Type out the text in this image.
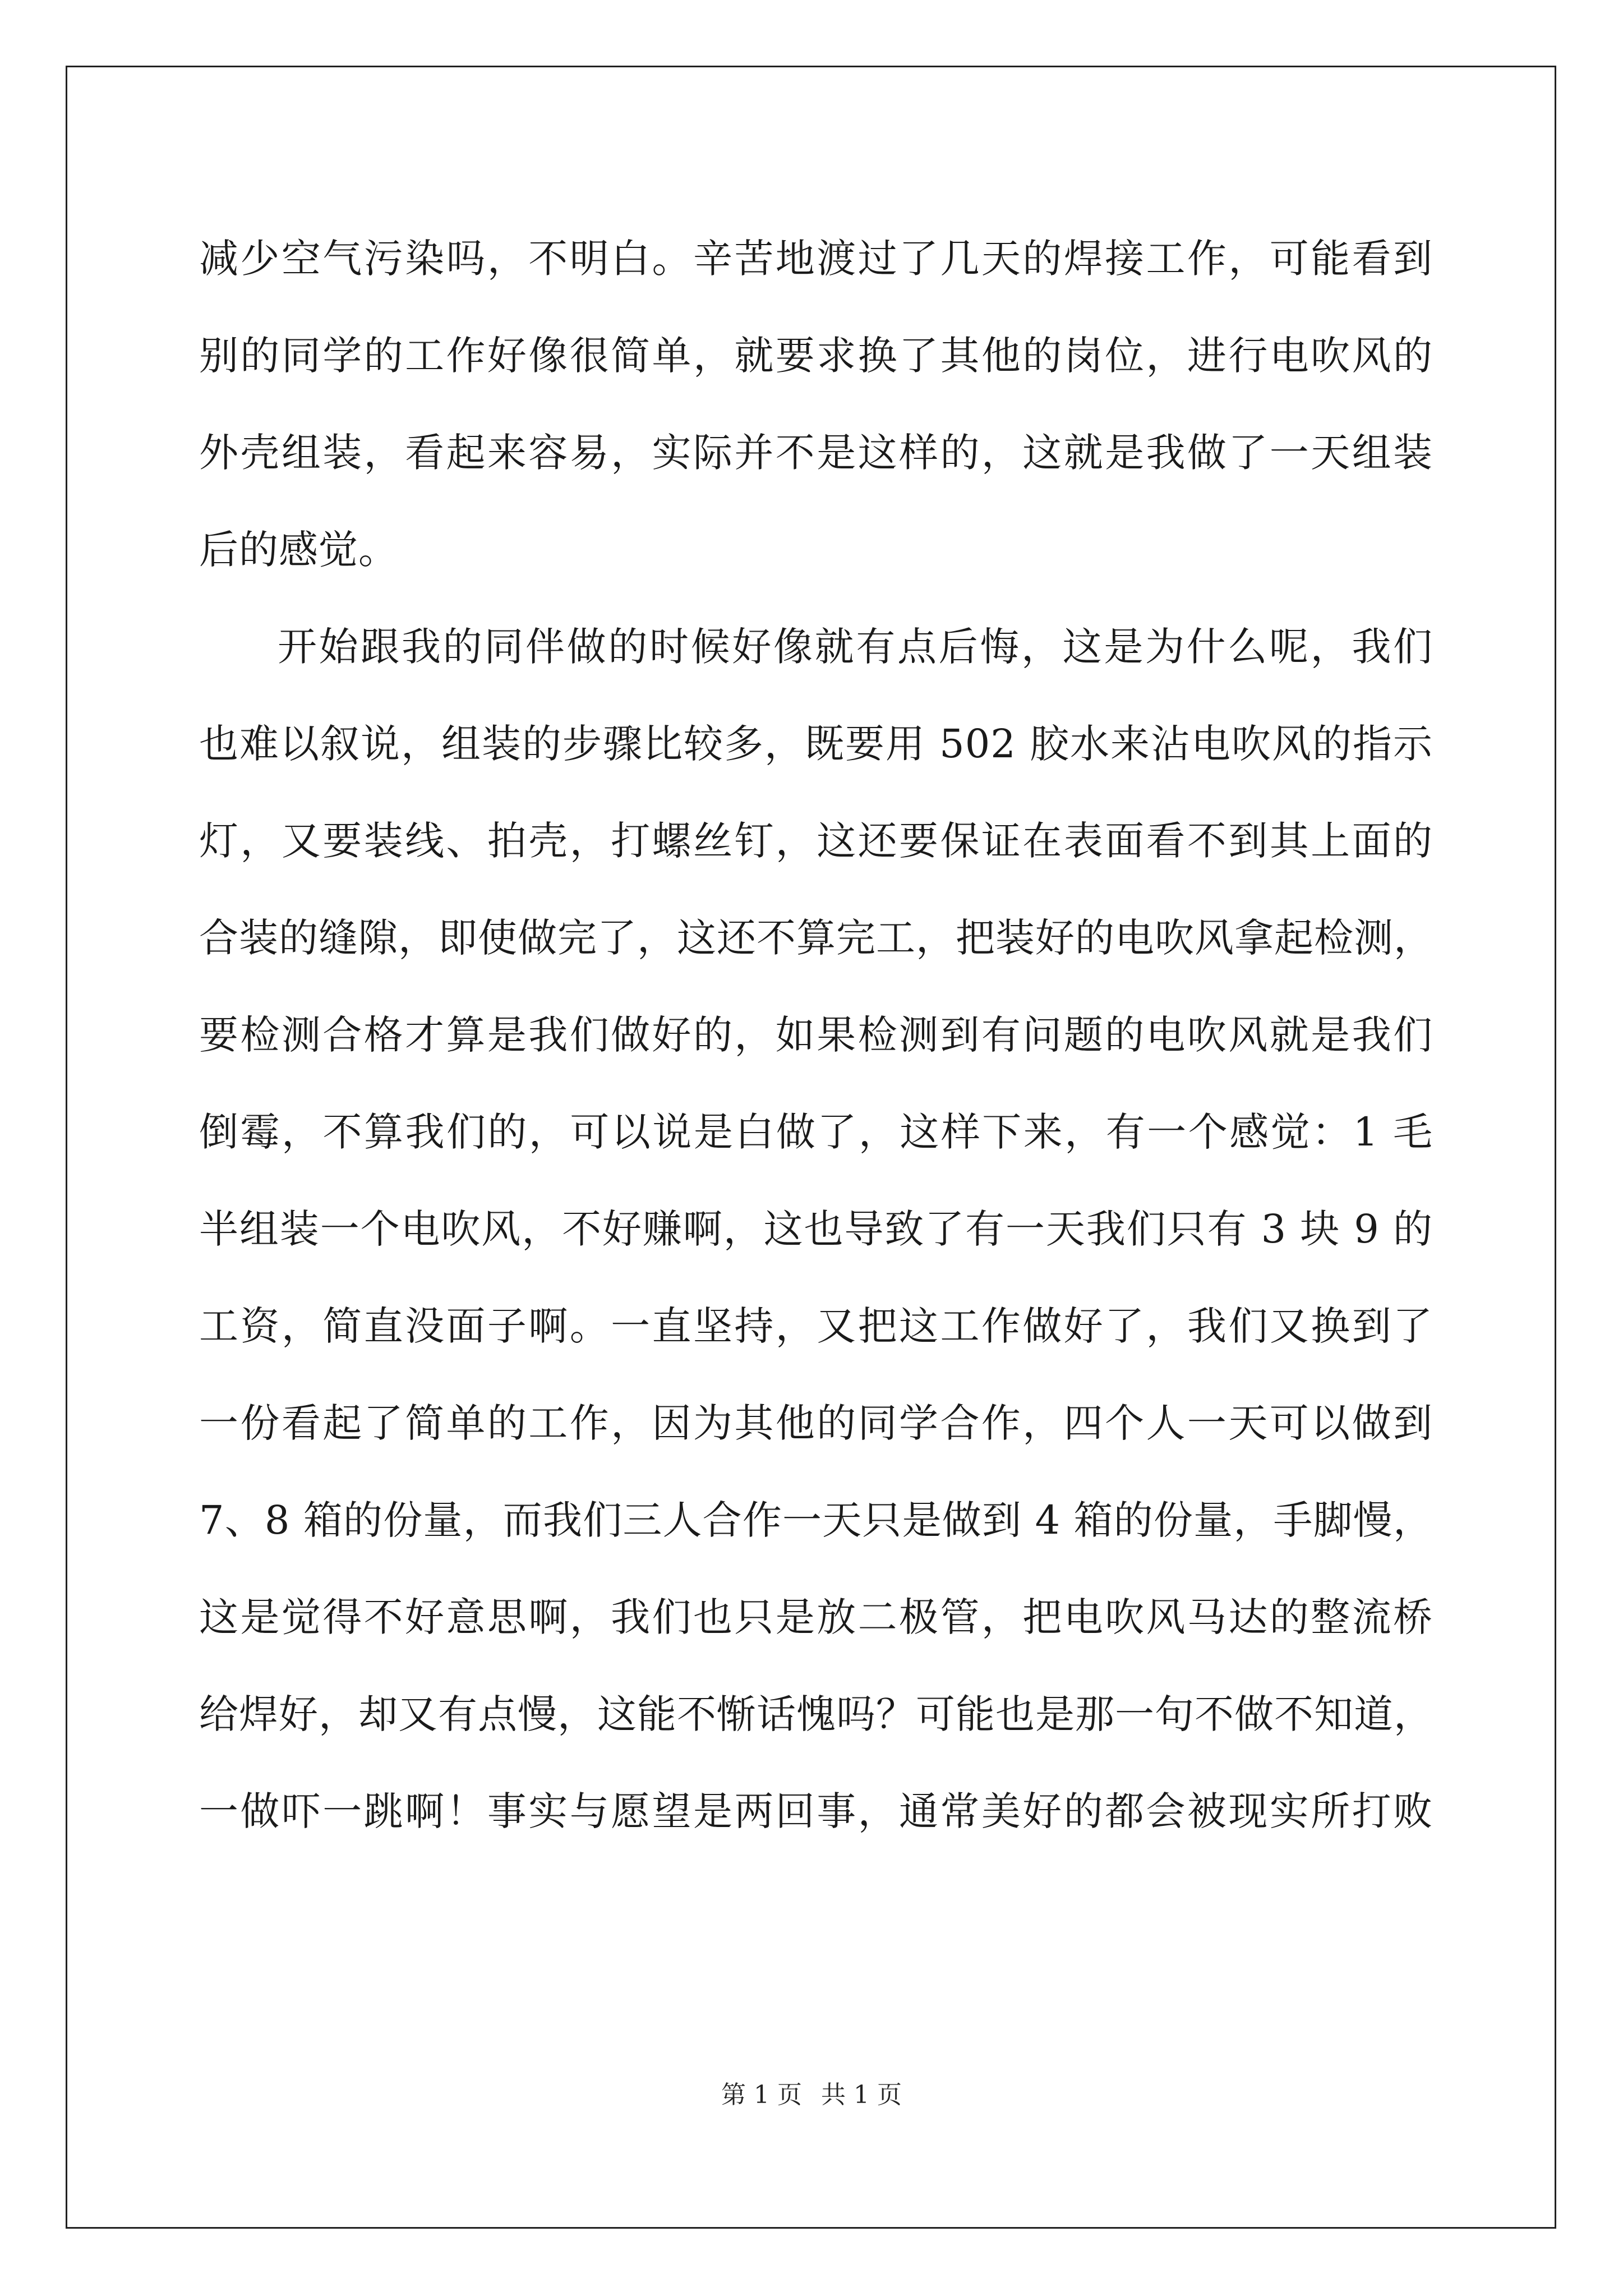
减少空气污染吗，不明白。辛苦地渡过了几天的焊接工作，可能看到
别的同学的工作好像很简单，就要求换了其他的岗位，进行电吹风的
外壳组装，看起来容易，实际并不是这样的，这就是我做了一天组装
后的感觉。
开始跟我的同伴做的时候好像就有点后悔，这是为什么呢，我们
也难以叙说，组装的步骤比较多，既要用 502 胶水来沾电吹风的指示
灯，又要装线、拍壳，打螺丝钉，这还要保证在表面看不到其上面的
合装的缝隙，即使做完了，这还不算完工，把装好的电吹风拿起检测，
要检测合格才算是我们做好的，如果检测到有问题的电吹风就是我们
倒霉，不算我们的，可以说是白做了，这样下来，有一个感觉：1 毛
半组装一个电吹风，不好赚啊，这也导致了有一天我们只有 3 块 9 的
工资，简直没面子啊。一直坚持，又把这工作做好了，我们又换到了
一份看起了简单的工作，因为其他的同学合作，四个人一天可以做到
7、8 箱的份量，而我们三人合作一天只是做到 4 箱的份量，手脚慢，
这是觉得不好意思啊，我们也只是放二极管，把电吹风马达的整流桥
给焊好，却又有点慢，这能不惭话愧吗？可能也是那一句不做不知道，
一做吓一跳啊！事实与愿望是两回事，通常美好的都会被现实所打败
第 1 页 共 1 页
